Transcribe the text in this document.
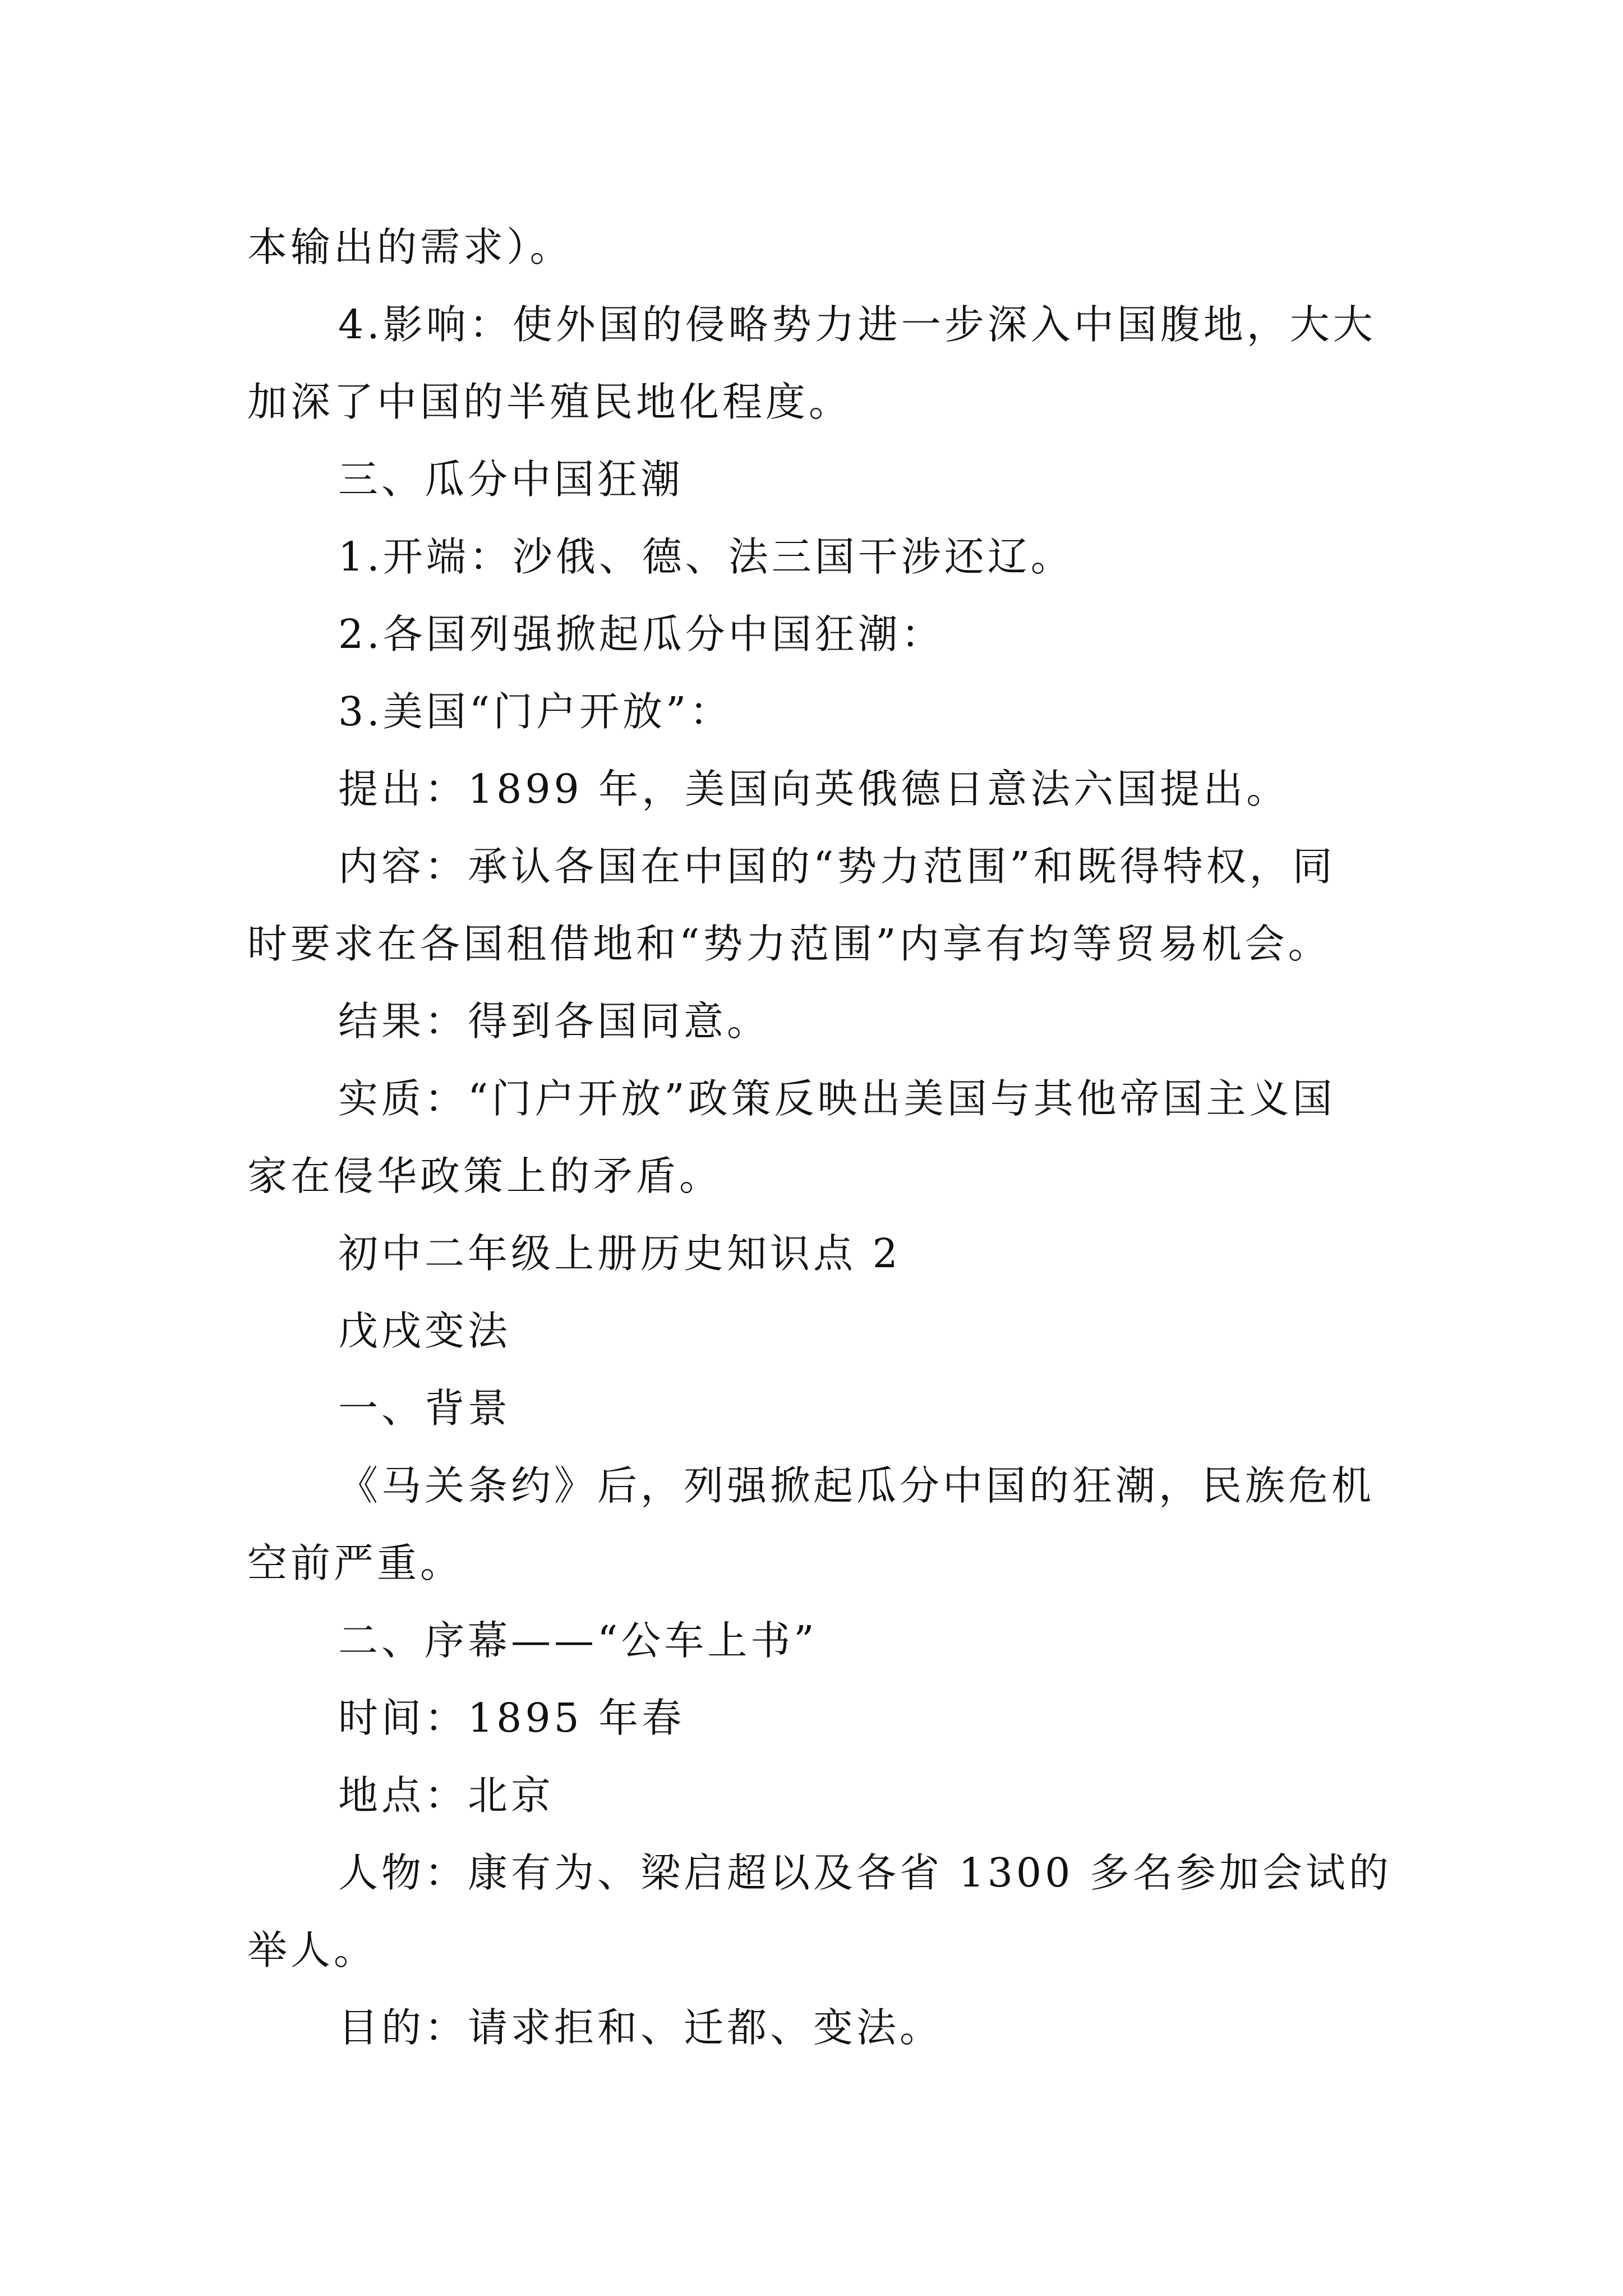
本输出的需求）。
4.影响：使外国的侵略势力进一步深入中国腹地，大大
加深了中国的半殖民地化程度。
三、瓜分中国狂潮
1.开端：沙俄、德、法三国干涉还辽。
2.各国列强掀起瓜分中国狂潮：
3.美国“门户开放”：
提出：1899 年，美国向英俄德日意法六国提出。
内容：承认各国在中国的“势力范围”和既得特权，同
时要求在各国租借地和“势力范围”内享有均等贸易机会。
结果：得到各国同意。
实质：“门户开放”政策反映出美国与其他帝国主义国
家在侵华政策上的矛盾。
初中二年级上册历史知识点 2
戊戌变法
一、背景
《马关条约》后，列强掀起瓜分中国的狂潮，民族危机
空前严重。
二、序幕——“公车上书”
时间：1895 年春
地点：北京
人物：康有为、梁启超以及各省 1300 多名参加会试的
举人。
目的：请求拒和、迁都、变法。
